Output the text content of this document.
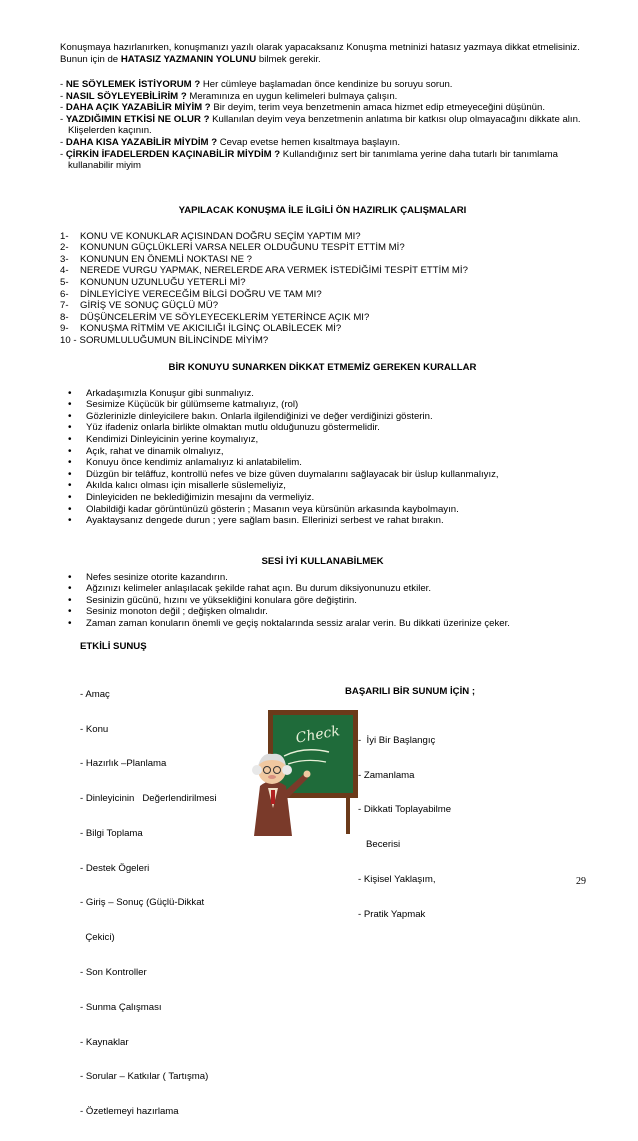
Konuşmaya hazırlanırken, konuşmanızı yazılı olarak yapacaksanız Konuşma metninizi hatasız yazmaya dikkat etmelisiniz. Bunun için de HATASIZ YAZMANIN YOLUNU bilmek gerekir.

- NE SÖYLEMEK İSTİYORUM ? Her cümleye başlamadan önce kendinize bu soruyu sorun.

- NASIL SÖYLEYEBİLİRİM ? Meramınıza en uygun kelimeleri bulmaya çalışın.

- DAHA AÇIK YAZABİLİR MİYİM ? Bir deyim, terim veya benzetmenin amaca hizmet edip etmeyeceğini düşünün.

- YAZDIĞIMIN ETKİSİ NE OLUR ? Kullanılan deyim veya benzetmenin anlatıma bir katkısı olup olmayacağını dikkate alın. Klişelerden kaçının.

- DAHA KISA YAZABİLİR MİYDİM ? Cevap evetse hemen kısaltmaya başlayın.

- ÇİRKİN İFADELERDEN KAÇINABİLİR MİYDİM ? Kullandığınız sert bir tanımlama yerine daha tutarlı bir tanımlama kullanabilir miyim

YAPILACAK KONUŞMA İLE İLGİLİ ÖN HAZIRLIK ÇALIŞMALARI

1-	KONU VE KONUKLAR AÇISINDAN DOĞRU SEÇİM YAPTIM MI?
2-	KONUNUN GÜÇLÜKLERİ VARSA NELER OLDUĞUNU TESPİT ETTİM Mİ?
3-	KONUNUN EN ÖNEMLİ NOKTASI NE ?
4-	NEREDE VURGU YAPMAK, NERELERDE ARA VERMEK İSTEDİĞİMİ TESPİT ETTİM Mİ?
5-	KONUNUN UZUNLUĞU YETERLİ Mİ?
6-	DİNLEYİCİYE VERECEĞİM BİLGİ DOĞRU VE TAM MI?
7-	GİRİŞ VE SONUÇ GÜÇLÜ MÜ?
8-	DÜŞÜNCELERİM VE SÖYLEYECEKLERİM YETERİNCE AÇIK MI?
9-	KONUŞMA RİTMİM VE AKICILIĞI İLGİNÇ OLABİLECEK Mİ?
10 - SORUMLULUĞUMUN BİLİNCİNDE MİYİM?

BİR KONUYU SUNARKEN DİKKAT ETMEMİZ GEREKEN KURALLAR

• Arkadaşımızla Konuşur gibi sunmalıyız.
• Sesimize Küçücük bir gülümseme katmalıyız, (rol)
• Gözlerinizle dinleyicilere bakın. Onlarla ilgilendiğinizi ve değer verdiğinizi gösterin.
• Yüz ifadeniz onlarla birlikte olmaktan mutlu olduğunuzu göstermelidir.
• Kendimizi Dinleyicinin yerine koymalıyız,
• Açık, rahat ve dinamik olmalıyız,
• Konuyu önce kendimiz anlamalıyız ki anlatabilelim.
• Düzgün bir telâffuz, kontrollü nefes ve bize güven duymalarını sağlayacak bir üslup kullanmalıyız,
• Akılda kalıcı olması için misallerle süslemeliyiz,
• Dinleyiciden ne beklediğimizin mesajını da vermeliyiz.
• Olabildiği kadar görüntünüzü gösterin ; Masanın veya kürsünün arkasında kaybolmayın.
• Ayaktaysanız dengede durun ; yere sağlam basın. Ellerinizi serbest ve rahat bırakın.

SESİ İYİ KULLANABİLMEK

• Nefes sesinize otorite kazandırın.
• Ağzınızı kelimeler anlaşılacak şekilde rahat açın. Bu durum diksiyonunuzu etkiler.
• Sesinizin gücünü, hızını ve yüksekliğini konulara göre değiştirin.
• Sesiniz monoton değil ; değişken olmalıdır.
• Zaman zaman konuların önemli ve geçiş noktalarında sessiz aralar verin. Bu dikkati üzerinize çeker.

ETKİLİ SUNUŞ

- Amaç

- Konu

- Hazırlık –Planlama

- Dinleyicinin   Değerlendirilmesi

- Bilgi Toplama

- Destek Ögeleri

- Giriş – Sonuç (Güçlü-Dikkat

Çekici)

- Son Kontroller

- Sunma Çalışması

- Kaynaklar

- Sorular – Katkılar ( Tartışma)

- Özetlemeyi hazırlama

Check

BAŞARILI BİR SUNUM İÇİN ;

-  İyi Bir Başlangıç

- Zamanlama

- Dikkati Toplayabilme

Becerisi

- Kişisel Yaklaşım,

- Pratik Yapmak

29
